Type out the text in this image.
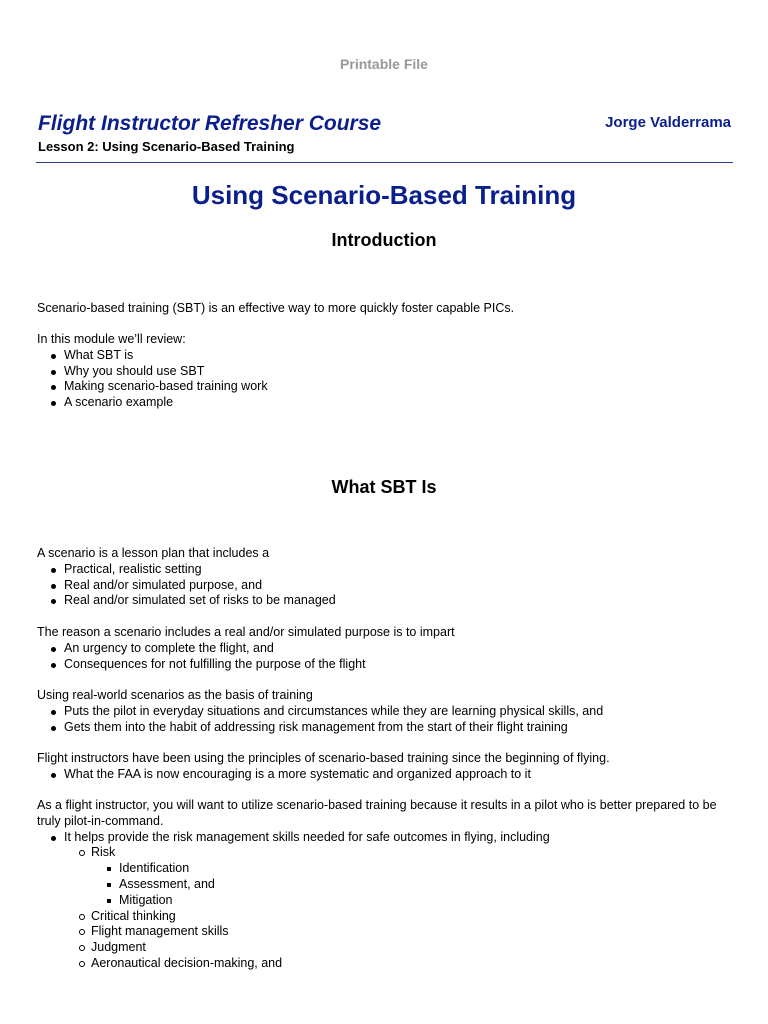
Printable File
Flight Instructor Refresher Course	Jorge Valderrama
Lesson 2: Using Scenario-Based Training
Using Scenario-Based Training
Introduction

Scenario-based training (SBT) is an effective way to more quickly foster capable PICs.

In this module we’ll review:
What SBT is
Why you should use SBT
Making scenario-based training work
A scenario example
What SBT Is
A scenario is a lesson plan that includes a
Practical, realistic setting
Real and/or simulated purpose, and
Real and/or simulated set of risks to be managed
The reason a scenario includes a real and/or simulated purpose is to impart
An urgency to complete the flight, and
Consequences for not fulfilling the purpose of the flight
Using real-world scenarios as the basis of training
Puts the pilot in everyday situations and circumstances while they are learning physical skills, and
Gets them into the habit of addressing risk management from the start of their flight training
Flight instructors have been using the principles of scenario-based training since the beginning of flying.
What the FAA is now encouraging is a more systematic and organized approach to it
As a flight instructor, you will want to utilize scenario-based training because it results in a pilot who is better prepared to be truly pilot-in-command.
It helps provide the risk management skills needed for safe outcomes in flying, including
Risk
Identification
Assessment, and
Mitigation
Critical thinking
Flight management skills
Judgment
Aeronautical decision-making, and
